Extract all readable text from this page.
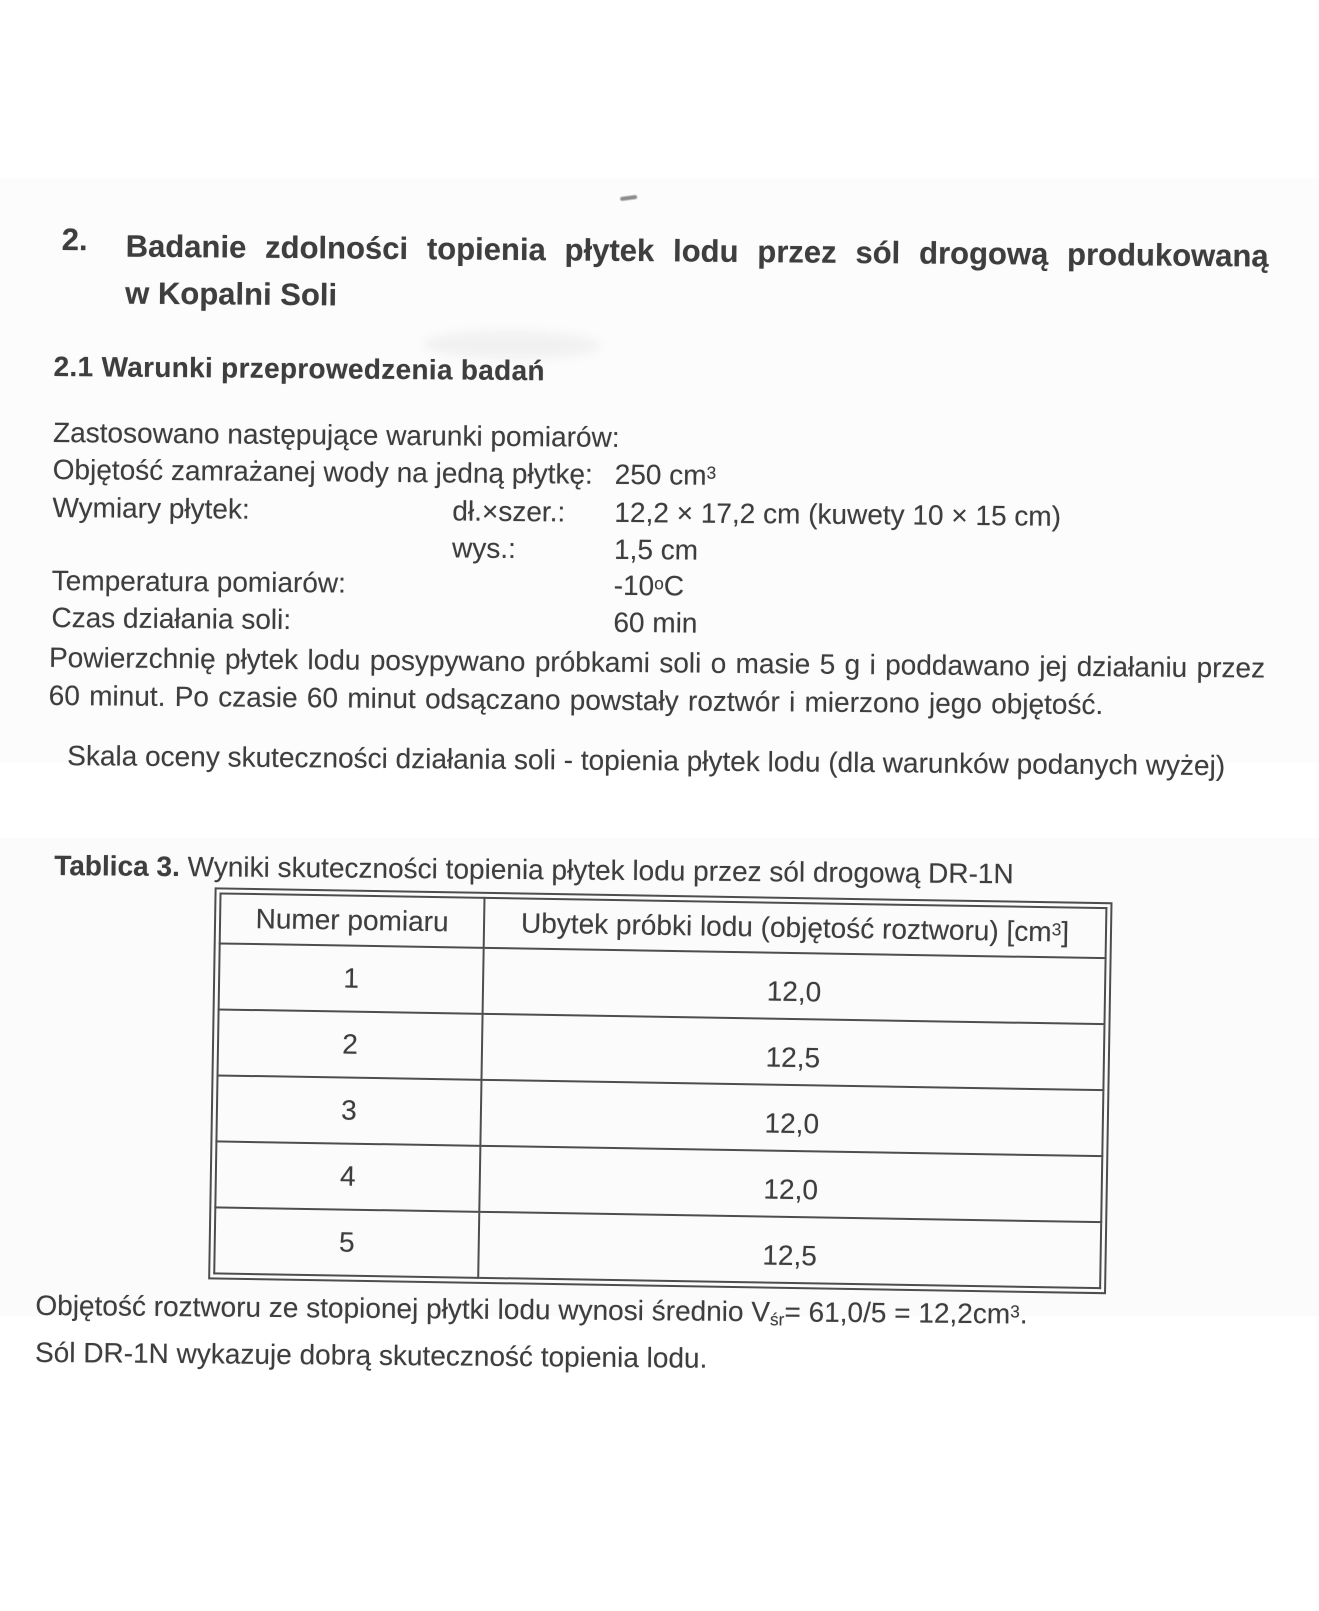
2. Badanie zdolności topienia płytek lodu przez sól drogową produkowaną
w Kopalni Soli
2.1 Warunki przeprowedzenia badań
Zastosowano następujące warunki pomiarów:
Objętość zamrażanej wody na jedną płytkę: 250 $cm^3$
Wymiary płytek:	dł.×szer.: 12,2 × 17,2 cm (kuwety 10 × 15 cm)
wys.:	1,5 cm
Temperatura pomiarów:	-10$^o$C
Czas działania soli:	60 min
Powierzchnię płytek lodu posypywano próbkami soli o masie 5 g i poddawano jej działaniu przez 60 minut. Po czasie 60 minut odsączano powstały roztwór i mierzono jego objętość.
Skala oceny skuteczności działania soli - topienia płytek lodu (dla warunków podanych wyżej)
Tablica 3. Wyniki skuteczności topienia płytek lodu przez sól drogową DR-1N
Numer pomiaru	Ubytek próbki lodu (objętość roztworu) $[cm^3]$
1	12,0
2	12,5
3	12,0
4	12,0
5	12,5
Objętość roztworu ze stopionej płytki lodu wynosi średnio $V_{śr}= 61,0/5 = 12,2cm^3$.
Sól DR-1N wykazuje dobrą skuteczność topienia lodu.
